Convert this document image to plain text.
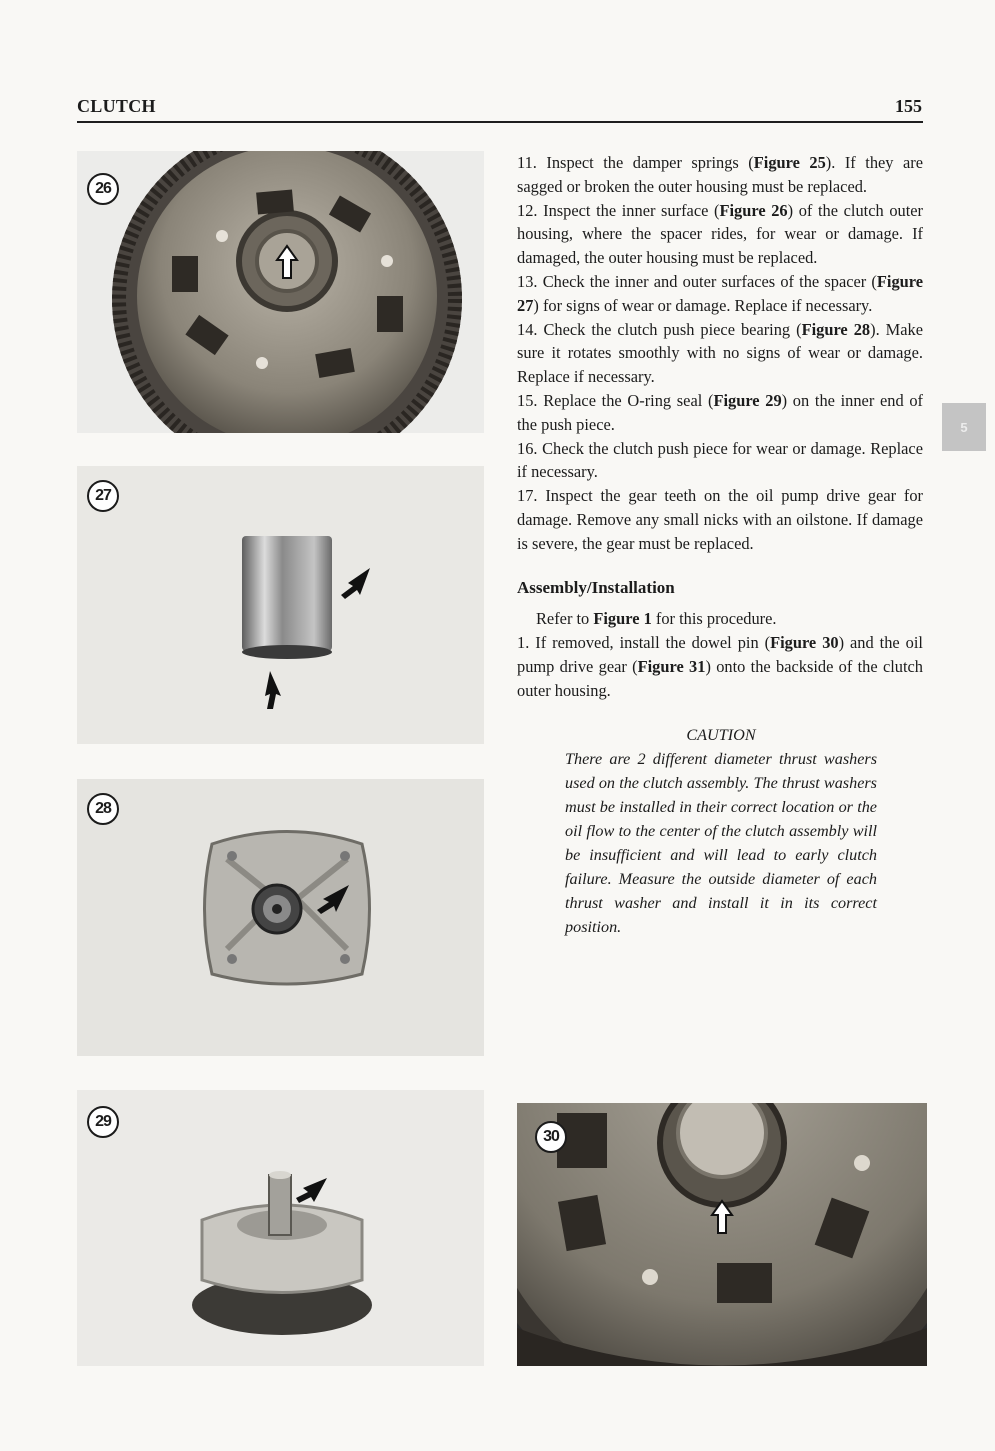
CLUTCH	155
26
27
28
29

11. Inspect the damper springs (Figure 25). If they are sagged or broken the outer housing must be replaced.

12. Inspect the inner surface (Figure 26) of the clutch outer housing, where the spacer rides, for wear or damage. If damaged, the outer housing must be replaced.

13. Check the inner and outer surfaces of the spacer (Figure 27) for signs of wear or damage. Replace if necessary.

14. Check the clutch push piece bearing (Figure 28). Make sure it rotates smoothly with no signs of wear or damage. Replace if necessary.

15. Replace the O-ring seal (Figure 29) on the inner end of the push piece.

16. Check the clutch push piece for wear or damage. Replace if necessary.

17. Inspect the gear teeth on the oil pump drive gear for damage. Remove any small nicks with an oilstone. If damage is severe, the gear must be replaced.

Assembly/Installation

Refer to Figure 1 for this procedure.

1. If removed, install the dowel pin (Figure 30) and the oil pump drive gear (Figure 31) onto the backside of the clutch outer housing.

CAUTION

There are 2 different diameter thrust washers used on the clutch assembly. The thrust washers must be installed in their correct location or the oil flow to the center of the clutch assembly will be insufficient and will lead to early clutch failure. Measure the outside diameter of each thrust washer and install it in its correct position.

5
30
